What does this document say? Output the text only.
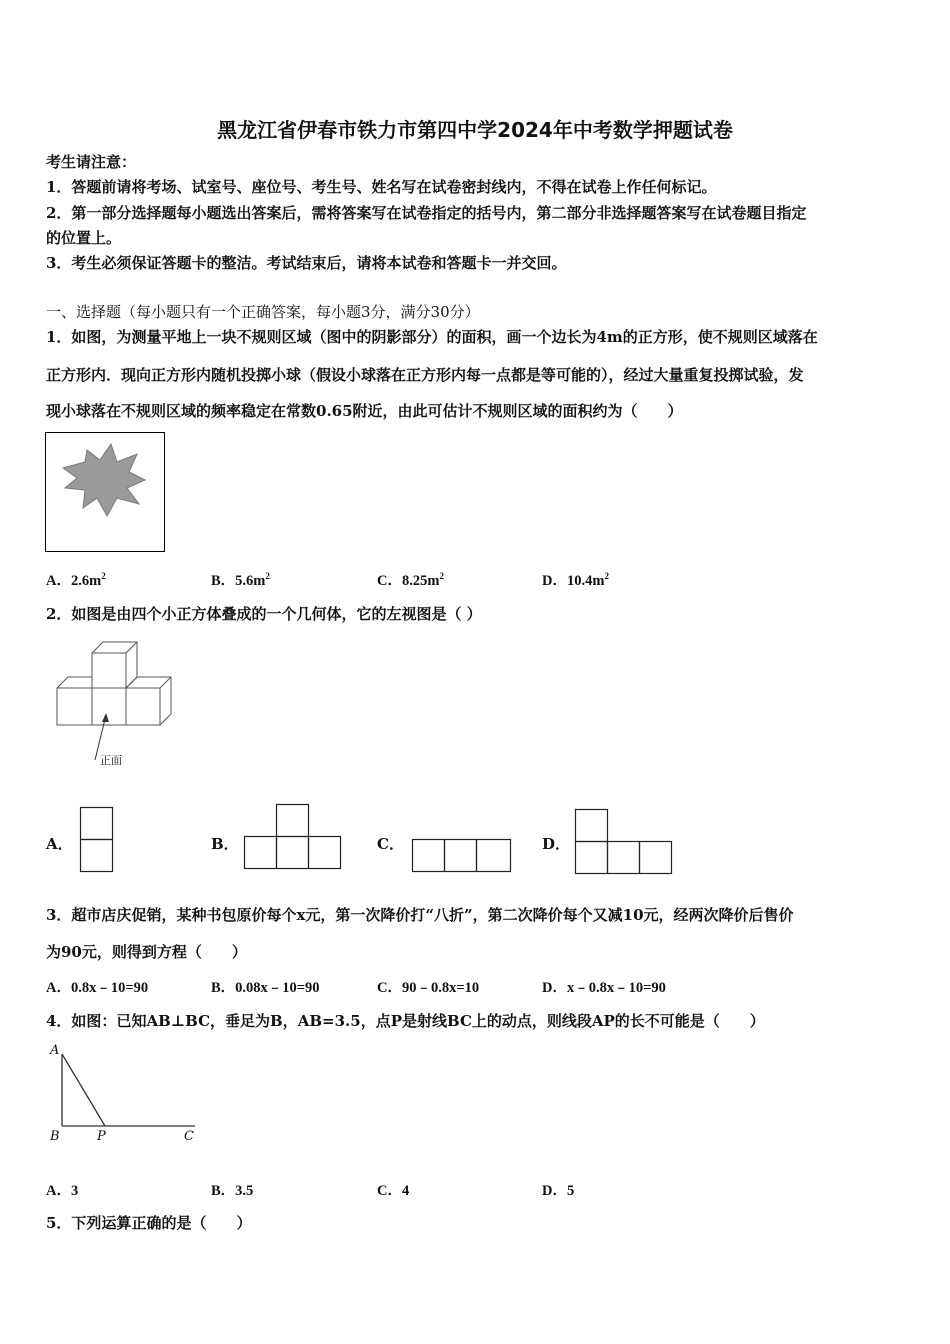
黑龙江省伊春市铁力市第四中学2024年中考数学押题试卷
考生请注意：
1．答题前请将考场、试室号、座位号、考生号、姓名写在试卷密封线内，不得在试卷上作任何标记。
2．第一部分选择题每小题选出答案后，需将答案写在试卷指定的括号内，第二部分非选择题答案写在试卷题目指定
的位置上。
3．考生必须保证答题卡的整洁。考试结束后，请将本试卷和答题卡一并交回。
一、选择题（每小题只有一个正确答案，每小题3分，满分30分）
1．如图，为测量平地上一块不规则区域（图中的阴影部分）的面积，画一个边长为4m的正方形，使不规则区域落在
正方形内．现向正方形内随机投掷小球（假设小球落在正方形内每一点都是等可能的），经过大量重复投掷试验，发
现小球落在不规则区域的频率稳定在常数0.65附近，由此可估计不规则区域的面积约为（　　）
A．$2.6m^2$	B．$5.6m^2$	C．$8.25m^2$	D．$10.4m^2$
2．如图是由四个小正方体叠成的一个几何体，它的左视图是（ ）
正面
A．	B．	C．	D．
3．超市店庆促销，某种书包原价每个x元，第一次降价打“八折”，第二次降价每个又减10元，经两次降价后售价
为90元，则得到方程（　　）
A．0.8x﹣10=90	B．0.08x﹣10=90	C．90﹣0.8x=10	D．x﹣0.8x﹣10=90
4．如图：已知AB⊥BC，垂足为B，AB=3.5，点P是射线BC上的动点，则线段AP的长不可能是（　　）
A
B	P	C
A．3	B．3.5	C．4	D．5
5．下列运算正确的是（　　）
